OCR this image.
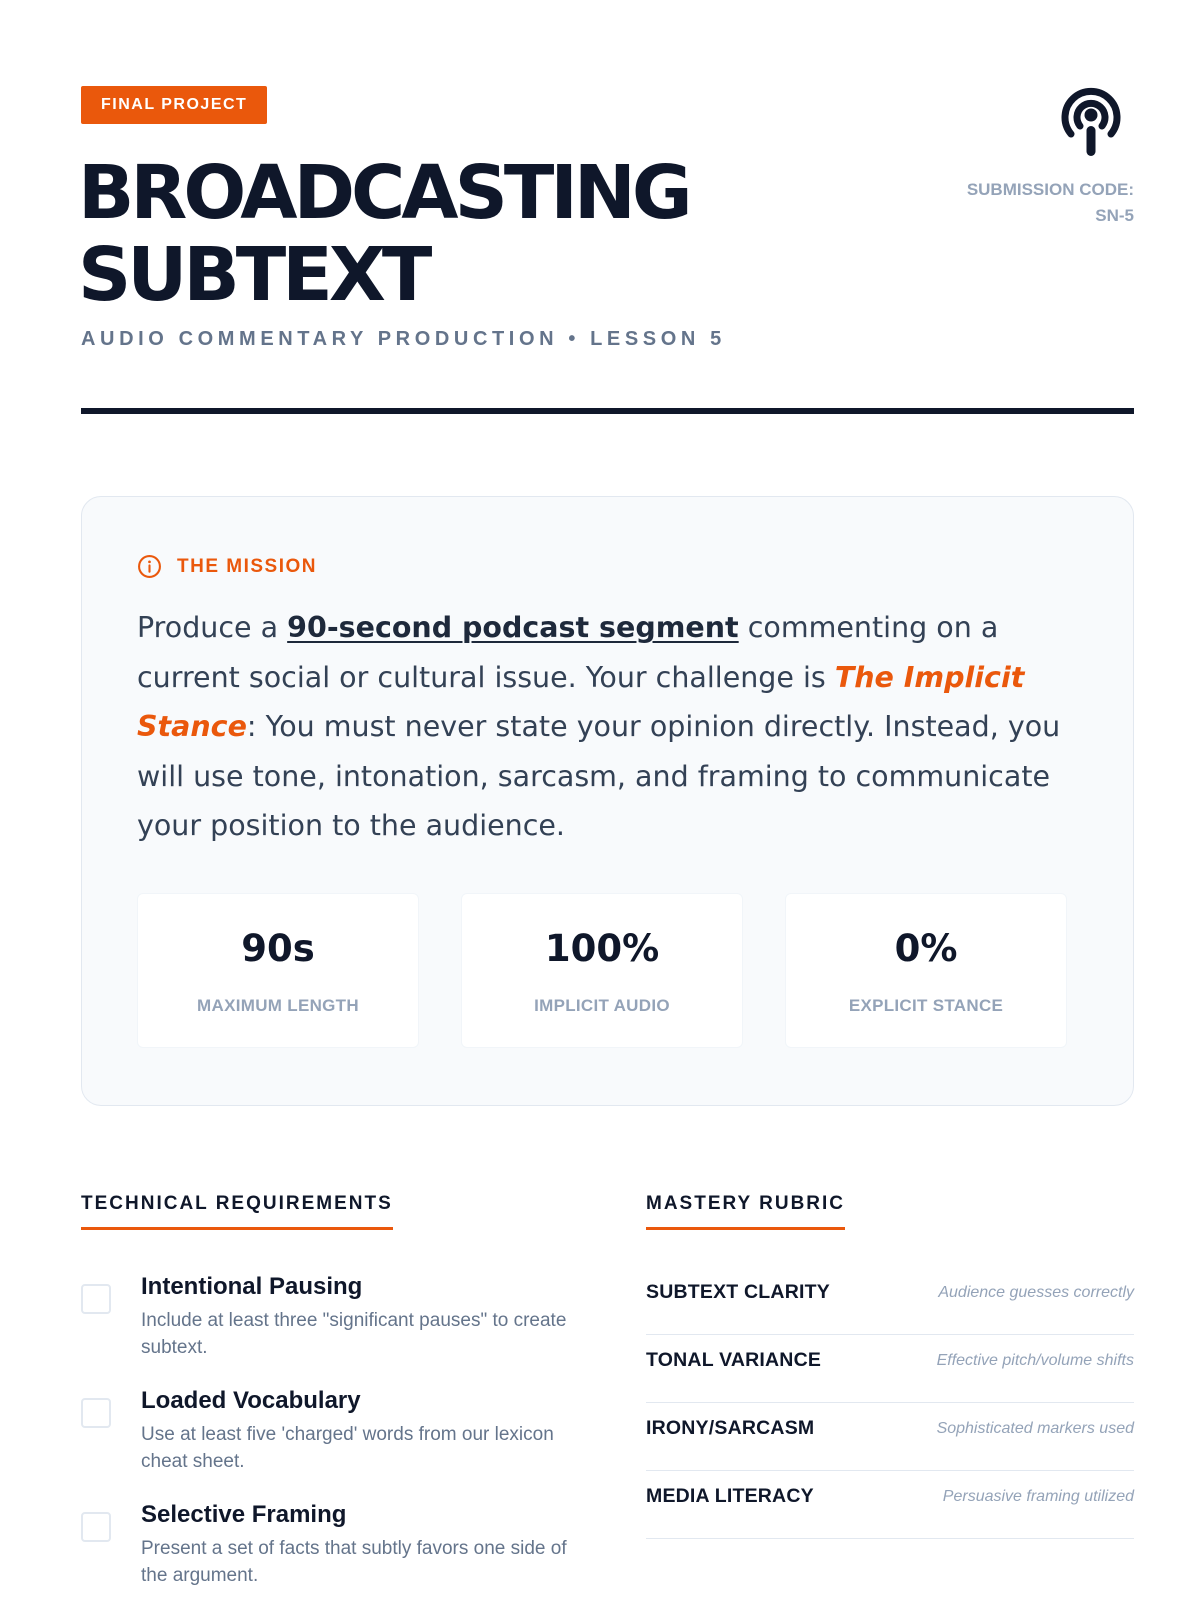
FINAL PROJECT
BROADCASTING
SUBTEXT
AUDIO COMMENTARY PRODUCTION • LESSON 5
SUBMISSION CODE:
SN-5
THE MISSION

Produce a 90-second podcast segment commenting on a current social or cultural issue. Your challenge is The Implicit Stance: You must never state your opinion directly. Instead, you will use tone, intonation, sarcasm, and framing to communicate your position to the audience.

90s
MAXIMUM LENGTH
100%
IMPLICIT AUDIO
0%
EXPLICIT STANCE
TECHNICAL REQUIREMENTS
Intentional Pausing
Include at least three "significant pauses" to create subtext.
Loaded Vocabulary
Use at least five 'charged' words from our lexicon cheat sheet.
Selective Framing
Present a set of facts that subtly favors one side of the argument.
MASTERY RUBRIC
SUBTEXT CLARITY	Audience guesses correctly
TONAL VARIANCE	Effective pitch/volume shifts
IRONY/SARCASM	Sophisticated markers used
MEDIA LITERACY	Persuasive framing utilized
